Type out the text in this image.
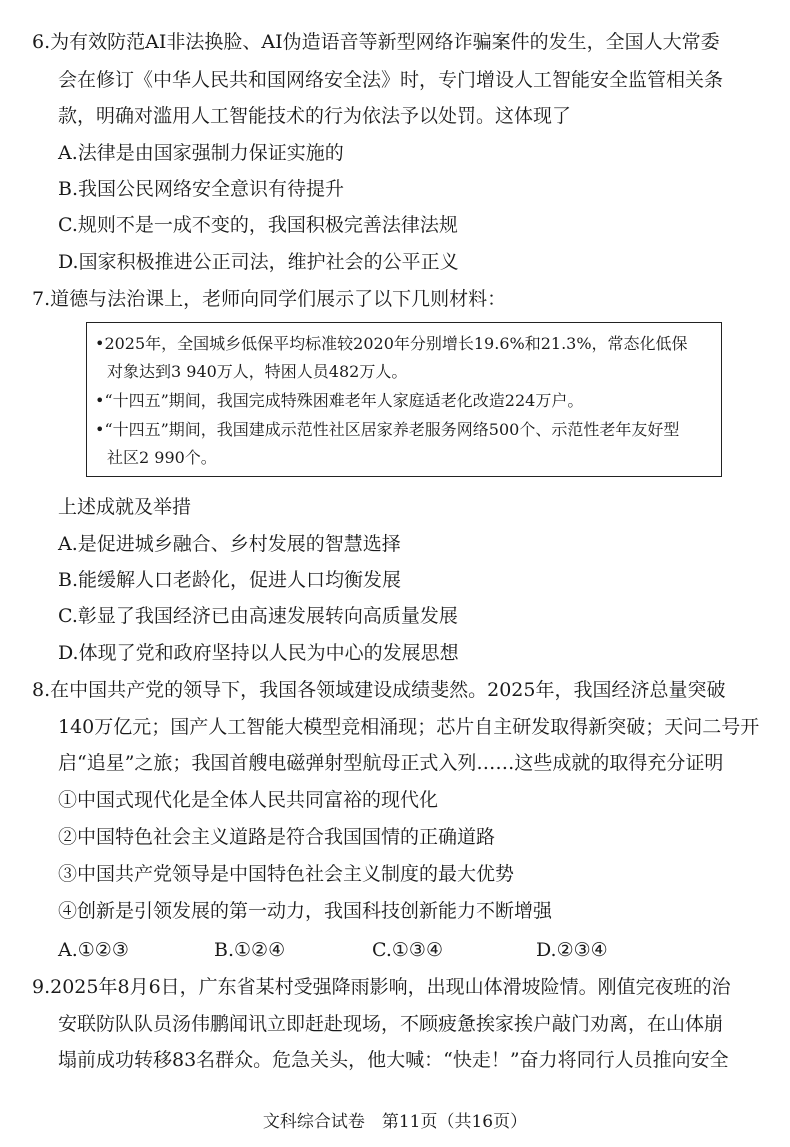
6.为有效防范AI非法换脸、AI伪造语音等新型网络诈骗案件的发生，全国人大常委
会在修订《中华人民共和国网络安全法》时，专门增设人工智能安全监管相关条
款，明确对滥用人工智能技术的行为依法予以处罚。这体现了
A.法律是由国家强制力保证实施的
B.我国公民网络安全意识有待提升
C.规则不是一成不变的，我国积极完善法律法规
D.国家积极推进公正司法，维护社会的公平正义
7.道德与法治课上，老师向同学们展示了以下几则材料：
•2025年，全国城乡低保平均标准较2020年分别增长19.6%和21.3%，常态化低保
对象达到3 940万人，特困人员482万人。
•“十四五”期间，我国完成特殊困难老年人家庭适老化改造224万户。
•“十四五”期间，我国建成示范性社区居家养老服务网络500个、示范性老年友好型
社区2 990个。
上述成就及举措
A.是促进城乡融合、乡村发展的智慧选择
B.能缓解人口老龄化，促进人口均衡发展
C.彰显了我国经济已由高速发展转向高质量发展
D.体现了党和政府坚持以人民为中心的发展思想
8.在中国共产党的领导下，我国各领域建设成绩斐然。2025年，我国经济总量突破
140万亿元；国产人工智能大模型竞相涌现；芯片自主研发取得新突破；天问二号开
启“追星”之旅；我国首艘电磁弹射型航母正式入列……这些成就的取得充分证明
①中国式现代化是全体人民共同富裕的现代化
②中国特色社会主义道路是符合我国国情的正确道路
③中国共产党领导是中国特色社会主义制度的最大优势
④创新是引领发展的第一动力，我国科技创新能力不断增强
A.①②③	B.①②④	C.①③④	D.②③④
9.2025年8月6日，广东省某村受强降雨影响，出现山体滑坡险情。刚值完夜班的治
安联防队队员汤伟鹏闻讯立即赶赴现场，不顾疲惫挨家挨户敲门劝离，在山体崩
塌前成功转移83名群众。危急关头，他大喊：“快走！”奋力将同行人员推向安全
文科综合试卷　第11页（共16页）
